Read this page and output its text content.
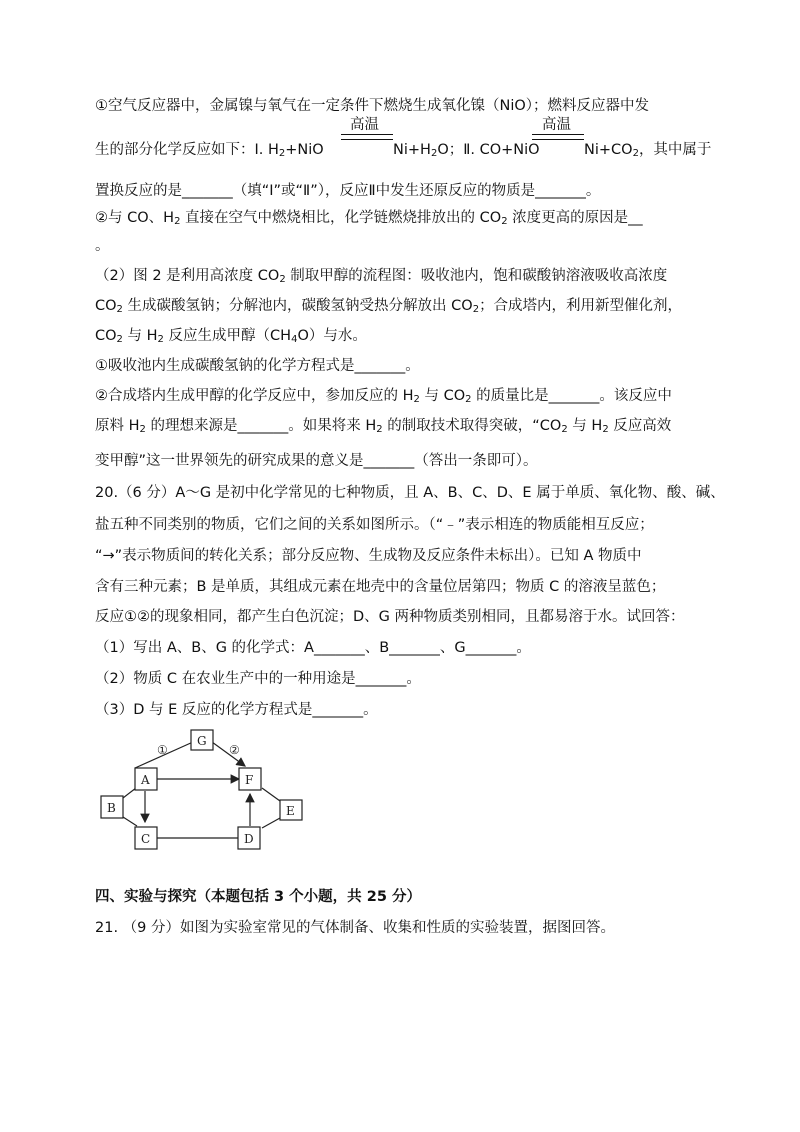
①空气反应器中，金属镍与氧气在一定条件下燃烧生成氧化镍（NiO）；燃料反应器中发
高温	高温
生的部分化学反应如下：Ⅰ. $H_2+NiO$	$Ni+H_2O$；Ⅱ. CO+NiO	$Ni+CO_2$，其中属于
置换反应的是_______（填“Ⅰ”或“Ⅱ”），反应Ⅱ中发生还原反应的物质是_______。
②与 CO、$H_2$ 直接在空气中燃烧相比，化学链燃烧排放出的 $CO_2$ 浓度更高的原因是__
。
（2）图 2 是利用高浓度 $CO_2$ 制取甲醇的流程图：吸收池内，饱和碳酸钠溶液吸收高浓度
$CO_2$ 生成碳酸氢钠；分解池内，碳酸氢钠受热分解放出 $CO_2$；合成塔内，利用新型催化剂，
$CO_2$ 与 $H_2$ 反应生成甲醇$(CH_4O)$与水。
①吸收池内生成碳酸氢钠的化学方程式是_______。
②合成塔内生成甲醇的化学反应中，参加反应的 $H_2$ 与 $CO_2$ 的质量比是_______。该反应中
原料 $H_2$ 的理想来源是_______。如果将来 $H_2$ 的制取技术取得突破，“$CO_2$ 与 $H_2$ 反应高效
变甲醇”这一世界领先的研究成果的意义是_______（答出一条即可）。
20.（6 分）A～G 是初中化学常见的七种物质，且 A、B、C、D、E 属于单质、氧化物、酸、碱、
盐五种不同类别的物质，它们之间的关系如图所示。（“﹣”表示相连的物质能相互反应；
“→”表示物质间的转化关系；部分反应物、生成物及反应条件未标出）。已知 A 物质中
含有三种元素；B 是单质，其组成元素在地壳中的含量位居第四；物质 C 的溶液呈蓝色；
反应①②的现象相同，都产生白色沉淀；D、G 两种物质类别相同，且都易溶于水。试回答：
（1）写出 A、B、G 的化学式：A_______、B_______、G_______。
（2）物质 C 在农业生产中的一种用途是_______。
（3）D 与 E 反应的化学方程式是_______。
G
A	F
B	E
C	D
①	②
四、实验与探究（本题包括 3 个小题，共 25 分）
21. （9 分）如图为实验室常见的气体制备、收集和性质的实验装置，据图回答。
